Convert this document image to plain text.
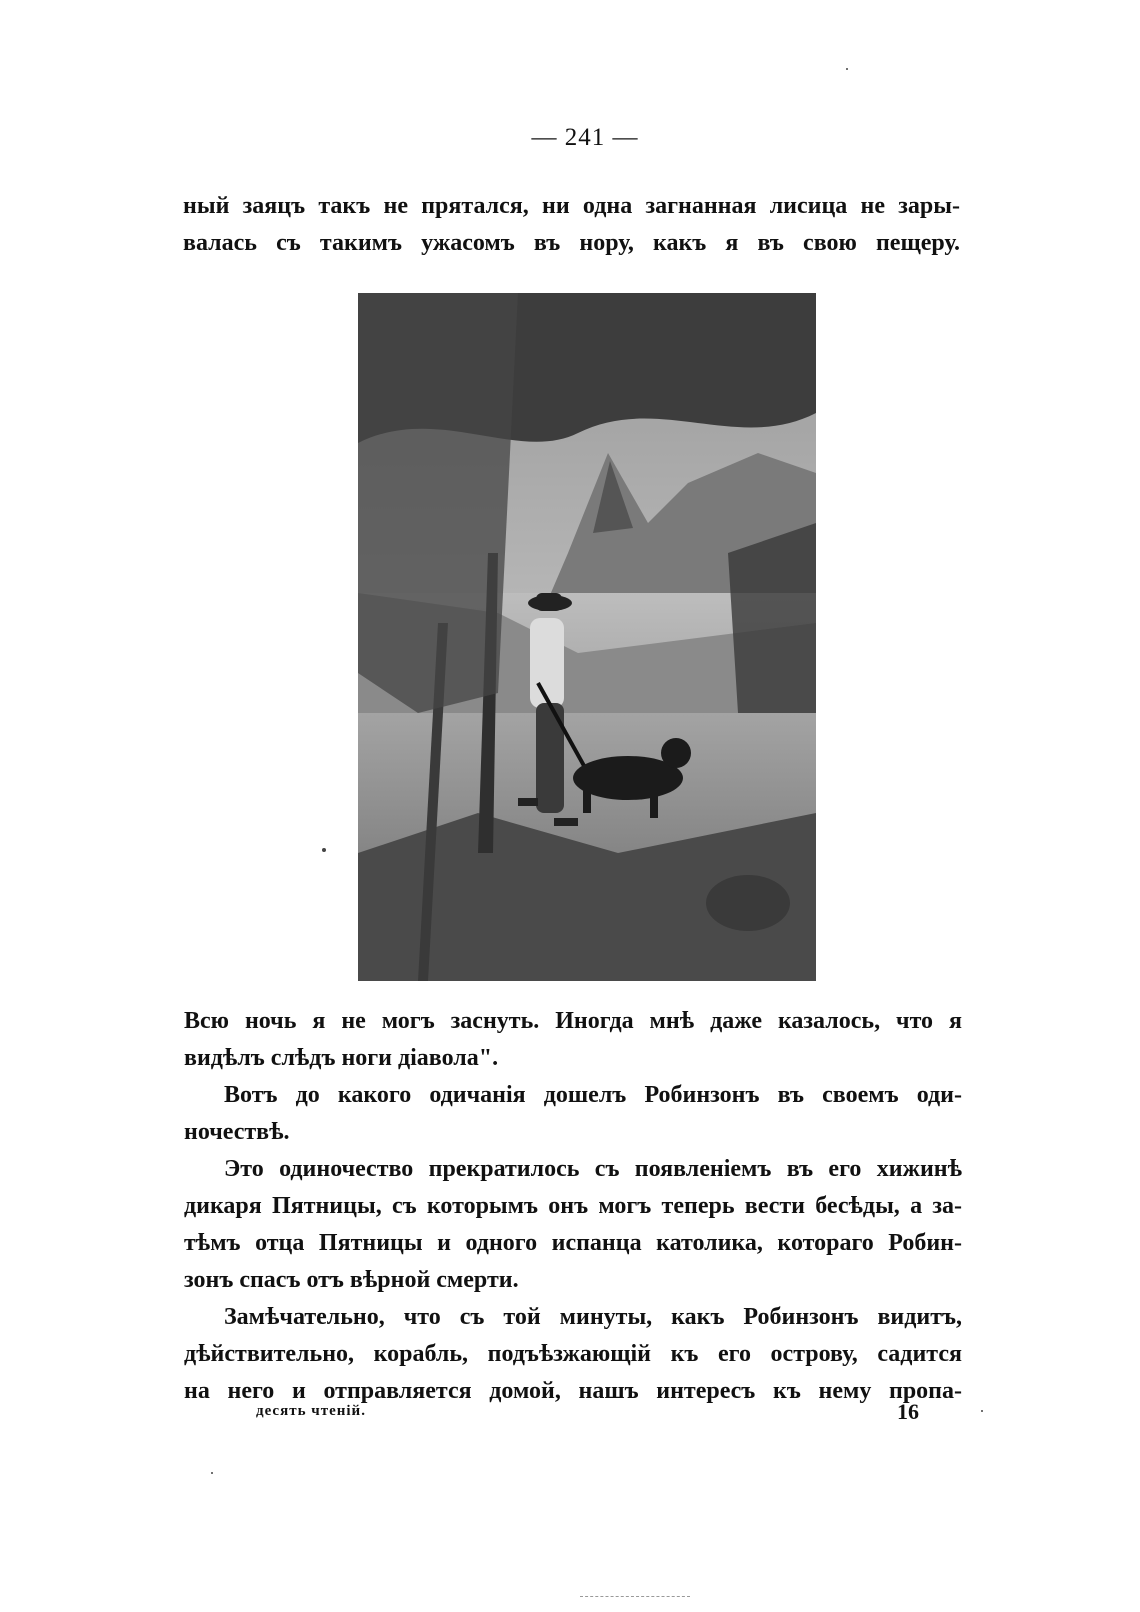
— 241 —
ный заяцъ такъ не прятался, ни одна загнанная лисица не зары-
валась съ такимъ ужасомъ въ нору, какъ я въ свою пещеру.
Всю ночь я не могъ заснуть. Иногда мнѣ даже казалось, что я
видѣлъ слѣдъ ноги діавола".
Вотъ до какого одичанія дошелъ Робинзонъ въ своемъ оди-
ночествѣ.
Это одиночество прекратилось съ появленіемъ въ его хижинѣ
дикаря Пятницы, съ которымъ онъ могъ теперь вести бесѣды, а за-
тѣмъ отца Пятницы и одного испанца католика, котораго Робин-
зонъ спасъ отъ вѣрной смерти.
Замѣчательно, что съ той минуты, какъ Робинзонъ видитъ,
дѣйствительно, корабль, подъѣзжающій къ его острову, садится
на него и отправляется домой, нашъ интересъ къ нему пропа-
десять чтеній.	16
